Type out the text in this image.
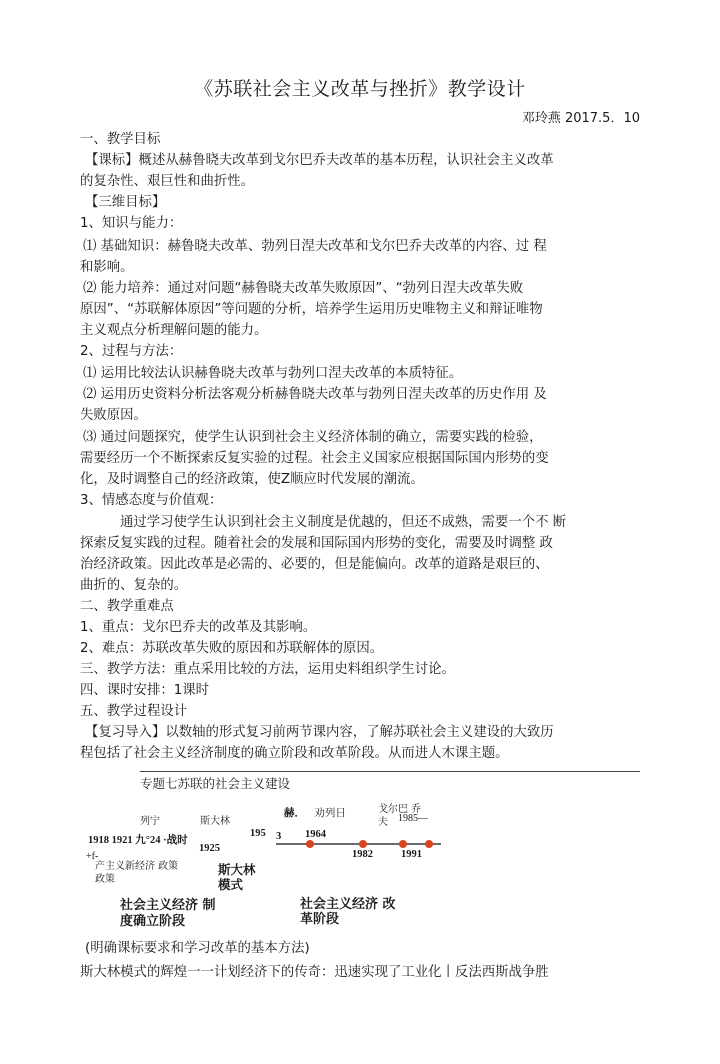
《苏联社会主义改革与挫折》教学设计
邓玲燕 2017.5．10
一、教学目标
【课标】概述从赫鲁晓夫改革到戈尔巴乔夫改革的基本历程，认识社会主义改革
的复杂性、艰巨性和曲折性。
【三维目标】
1、知识与能力：
⑴ 基础知识：赫鲁晓夫改革、勃列日涅夫改革和戈尔巴乔夫改革的内容、过 程
和影响。
⑵ 能力培养：通过对问题“赫鲁晓夫改革失败原因”、“勃列日涅夫改革失败
原因”、“苏联解体原因”等问题的分析，培养学生运用历史唯物主义和辩证唯物
主义观点分析理解问题的能力。
2、过程与方法：
⑴ 运用比较法认识赫鲁晓夫改革与勃列口涅夫改革的本质特征。
⑵ 运用历史资料分析法客观分析赫鲁晓夫改革与勃列日涅夫改革的历史作用 及
失败原因。
⑶ 通过问题探究，使学生认识到社会主义经济体制的确立，需要实践的检验，
需要经历一个不断探索反复实验的过程。社会主义国家应根据国际国内形势的变
化，及时调整自己的经济政策，使Z顺应时代发展的潮流。
3、情感态度与价值观：
通过学习使学生认识到社会主义制度是优越的，但还不成熟，需要一个不 断
探索反复实践的过程。随着社会的发展和国际国内形势的变化，需要及时调整 政
治经济政策。因此改革是必需的、必要的，但是能偏向。改革的道路是艰巨的、
曲折的、复杂的。
二、教学重难点
1、重点：戈尔巴乔夫的改革及其影响。
2、难点：苏联改革失败的原因和苏联解体的原因。
三、教学方法：重点采用比较的方法，运用史料组织学生讨论。
四、课时安排：1课时
五、教学过程设计
【复习导入】以数轴的形式复习前两节课内容，了解苏联社会主义建设的大致历
程包括了社会主义经济制度的确立阶段和改革阶段。从而进人木课主题。
专题七苏联的社会主义建设
列宁	斯大林
赫． 劝列日	戈尔巴 乔
夫 1985—
1918 1921 九°24 ·战时
1925
195 3 1964
1982	1991
+f-
产主义新经济 政策
政策
斯大林
模式
社会主义经济 制
度确立阶段
社会主义经济 改
革阶段
(明确课标要求和学习改革的基本方法)
斯大林模式的辉煌一一计划经济下的传奇：迅速实现了工业化丨反法西斯战争胜
